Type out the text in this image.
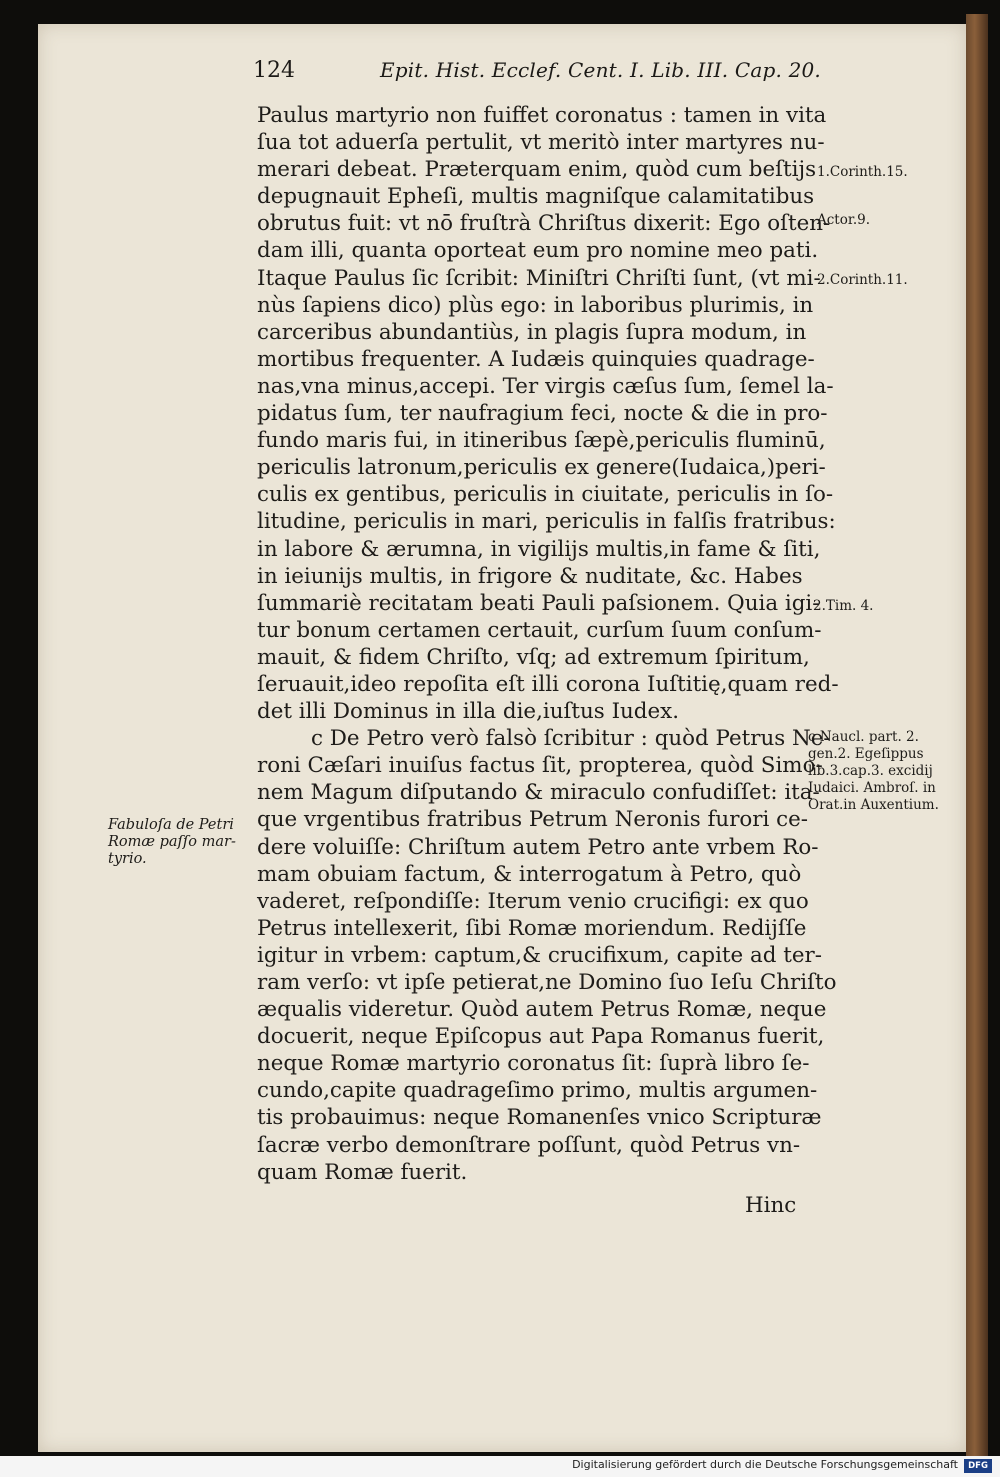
124	Epit. Hist. Ecclef. Cent. I. Lib. III. Cap. 20.
Paulus martyrio non fuiffet coronatus : tamen in vita
ſua tot aduerſa pertulit, vt meritò inter martyres nu-
merari debeat. Præterquam enim, quòd cum beſtijs
depugnauit Epheſi, multis magniſque calamitatibus
obrutus fuit: vt nō fruſtrà Chriſtus dixerit: Ego oſten-
dam illi, quanta oporteat eum pro nomine meo pati.
Itaque Paulus ſic ſcribit: Miniſtri Chriſti ſunt, (vt mi-
nùs ſapiens dico) plùs ego: in laboribus plurimis, in
carceribus abundantiùs, in plagis ſupra modum, in
mortibus frequenter. A Iudæis quinquies quadrage-
nas,vna minus,accepi. Ter virgis cæſus ſum, ſemel la-
pidatus ſum, ter naufragium feci, nocte & die in pro-
fundo maris fui, in itineribus ſæpè,periculis fluminū,
periculis latronum,periculis ex genere(Iudaica,)peri-
culis ex gentibus, periculis in ciuitate, periculis in ſo-
litudine, periculis in mari, periculis in falſis fratribus:
in labore & ærumna, in vigilijs multis,in fame & ſiti,
in ieiunijs multis, in frigore & nuditate, &c. Habes
ſummariè recitatam beati Pauli paſsionem. Quia igi-
tur bonum certamen certauit, curſum ſuum conſum-
mauit, & fidem Chriſto, vſq; ad extremum ſpiritum,
ſeruauit,ideo repoſita eſt illi corona Iuſtitię,quam red-
det illi Dominus in illa die,iuſtus Iudex.
c De Petro verò falsò ſcribitur : quòd Petrus Ne-
roni Cæſari inuiſus factus ſit, propterea, quòd Simo-
nem Magum diſputando & miraculo confudiſſet: ita-
que vrgentibus fratribus Petrum Neronis furori ce-
dere voluiſſe: Chriſtum autem Petro ante vrbem Ro-
mam obuiam factum, & interrogatum à Petro, quò
vaderet, reſpondiſſe: Iterum venio crucifigi: ex quo
Petrus intellexerit, ſibi Romæ moriendum. Redijſſe
igitur in vrbem: captum,& crucifixum, capite ad ter-
ram verſo: vt ipſe petierat,ne Domino ſuo Ieſu Chriſto
æqualis videretur. Quòd autem Petrus Romæ, neque
docuerit, neque Epiſcopus aut Papa Romanus fuerit,
neque Romæ martyrio coronatus ſit: ſuprà libro ſe-
cundo,capite quadrageſimo primo, multis argumen-
tis probauimus: neque Romanenſes vnico Scripturæ
ſacræ verbo demonſtrare poſſunt, quòd Petrus vn-
quam Romæ fuerit.
Hinc
1.Corinth.15.
Actor.9.
2.Corinth.11.
2.Tim. 4.
c Naucl. part. 2.
gen.2. Egeſippus
lib.3.cap.3. excidij
Iudaici. Ambroſ. in
Orat.in Auxentium.
Fabuloſa de Petri
Romæ paſſo mar-
tyrio.
Digitalisierung gefördert durch die Deutsche Forschungsgemeinschaft	DFG
